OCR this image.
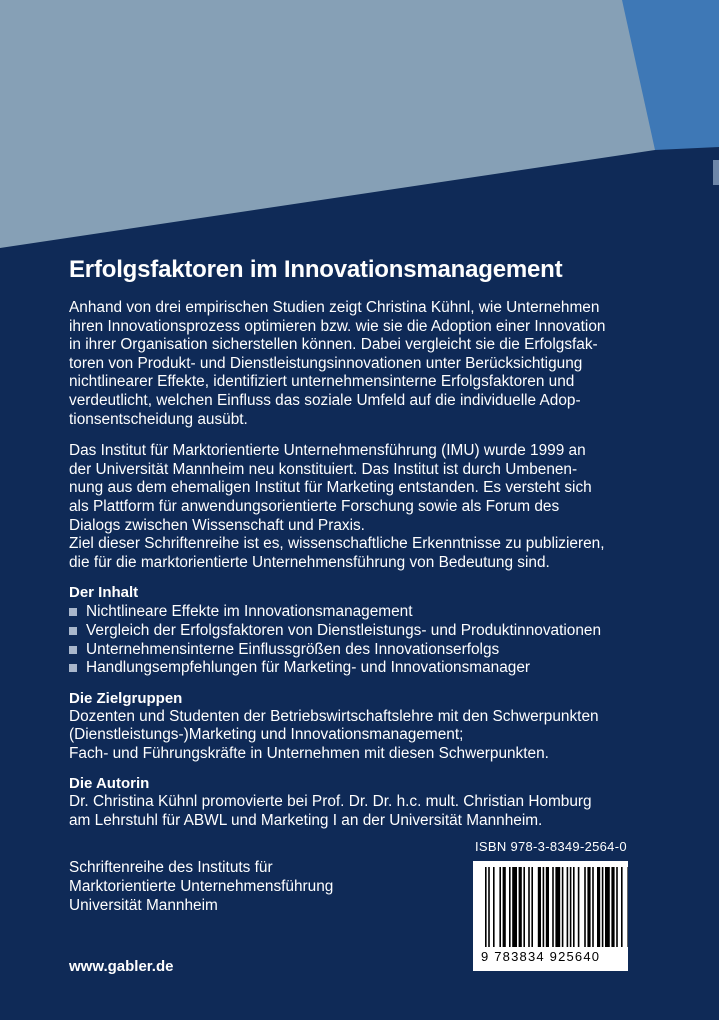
Erfolgsfaktoren im Innovationsmanagement

Anhand von drei empirischen Studien zeigt Christina Kühnl, wie Unternehmen
ihren Innovationsprozess optimieren bzw. wie sie die Adoption einer Innovation
in ihrer Organisation sicherstellen können. Dabei vergleicht sie die Erfolgsfak-
toren von Produkt- und Dienstleistungsinnovationen unter Berücksichtigung
nichtlinearer Effekte, identifiziert unternehmensinterne Erfolgsfaktoren und
verdeutlicht, welchen Einfluss das soziale Umfeld auf die individuelle Adop-
tionsentscheidung ausübt.

Das Institut für Marktorientierte Unternehmensführung (IMU) wurde 1999 an
der Universität Mannheim neu konstituiert. Das Institut ist durch Umbenen-
nung aus dem ehemaligen Institut für Marketing entstanden. Es versteht sich
als Plattform für anwendungsorientierte Forschung sowie als Forum des
Dialogs zwischen Wissenschaft und Praxis.
Ziel dieser Schriftenreihe ist es, wissenschaftliche Erkenntnisse zu publizieren,
die für die marktorientierte Unternehmensführung von Bedeutung sind.

Der Inhalt
Nichtlineare Effekte im Innovationsmanagement
Vergleich der Erfolgsfaktoren von Dienstleistungs- und Produktinnovationen
Unternehmensinterne Einflussgrößen des Innovationserfolgs
Handlungsempfehlungen für Marketing- und Innovationsmanager
Die Zielgruppen

Dozenten und Studenten der Betriebswirtschaftslehre mit den Schwerpunkten
(Dienstleistungs-)Marketing und Innovationsmanagement;
Fach- und Führungskräfte in Unternehmen mit diesen Schwerpunkten.

Die Autorin

Dr. Christina Kühnl promovierte bei Prof. Dr. Dr. h.c. mult. Christian Homburg
am Lehrstuhl für ABWL und Marketing I an der Universität Mannheim.

ISBN 978-3-8349-2564-0
Schriftenreihe des Instituts für
Marktorientierte Unternehmensführung
Universität Mannheim
www.gabler.de
9 783834 925640
